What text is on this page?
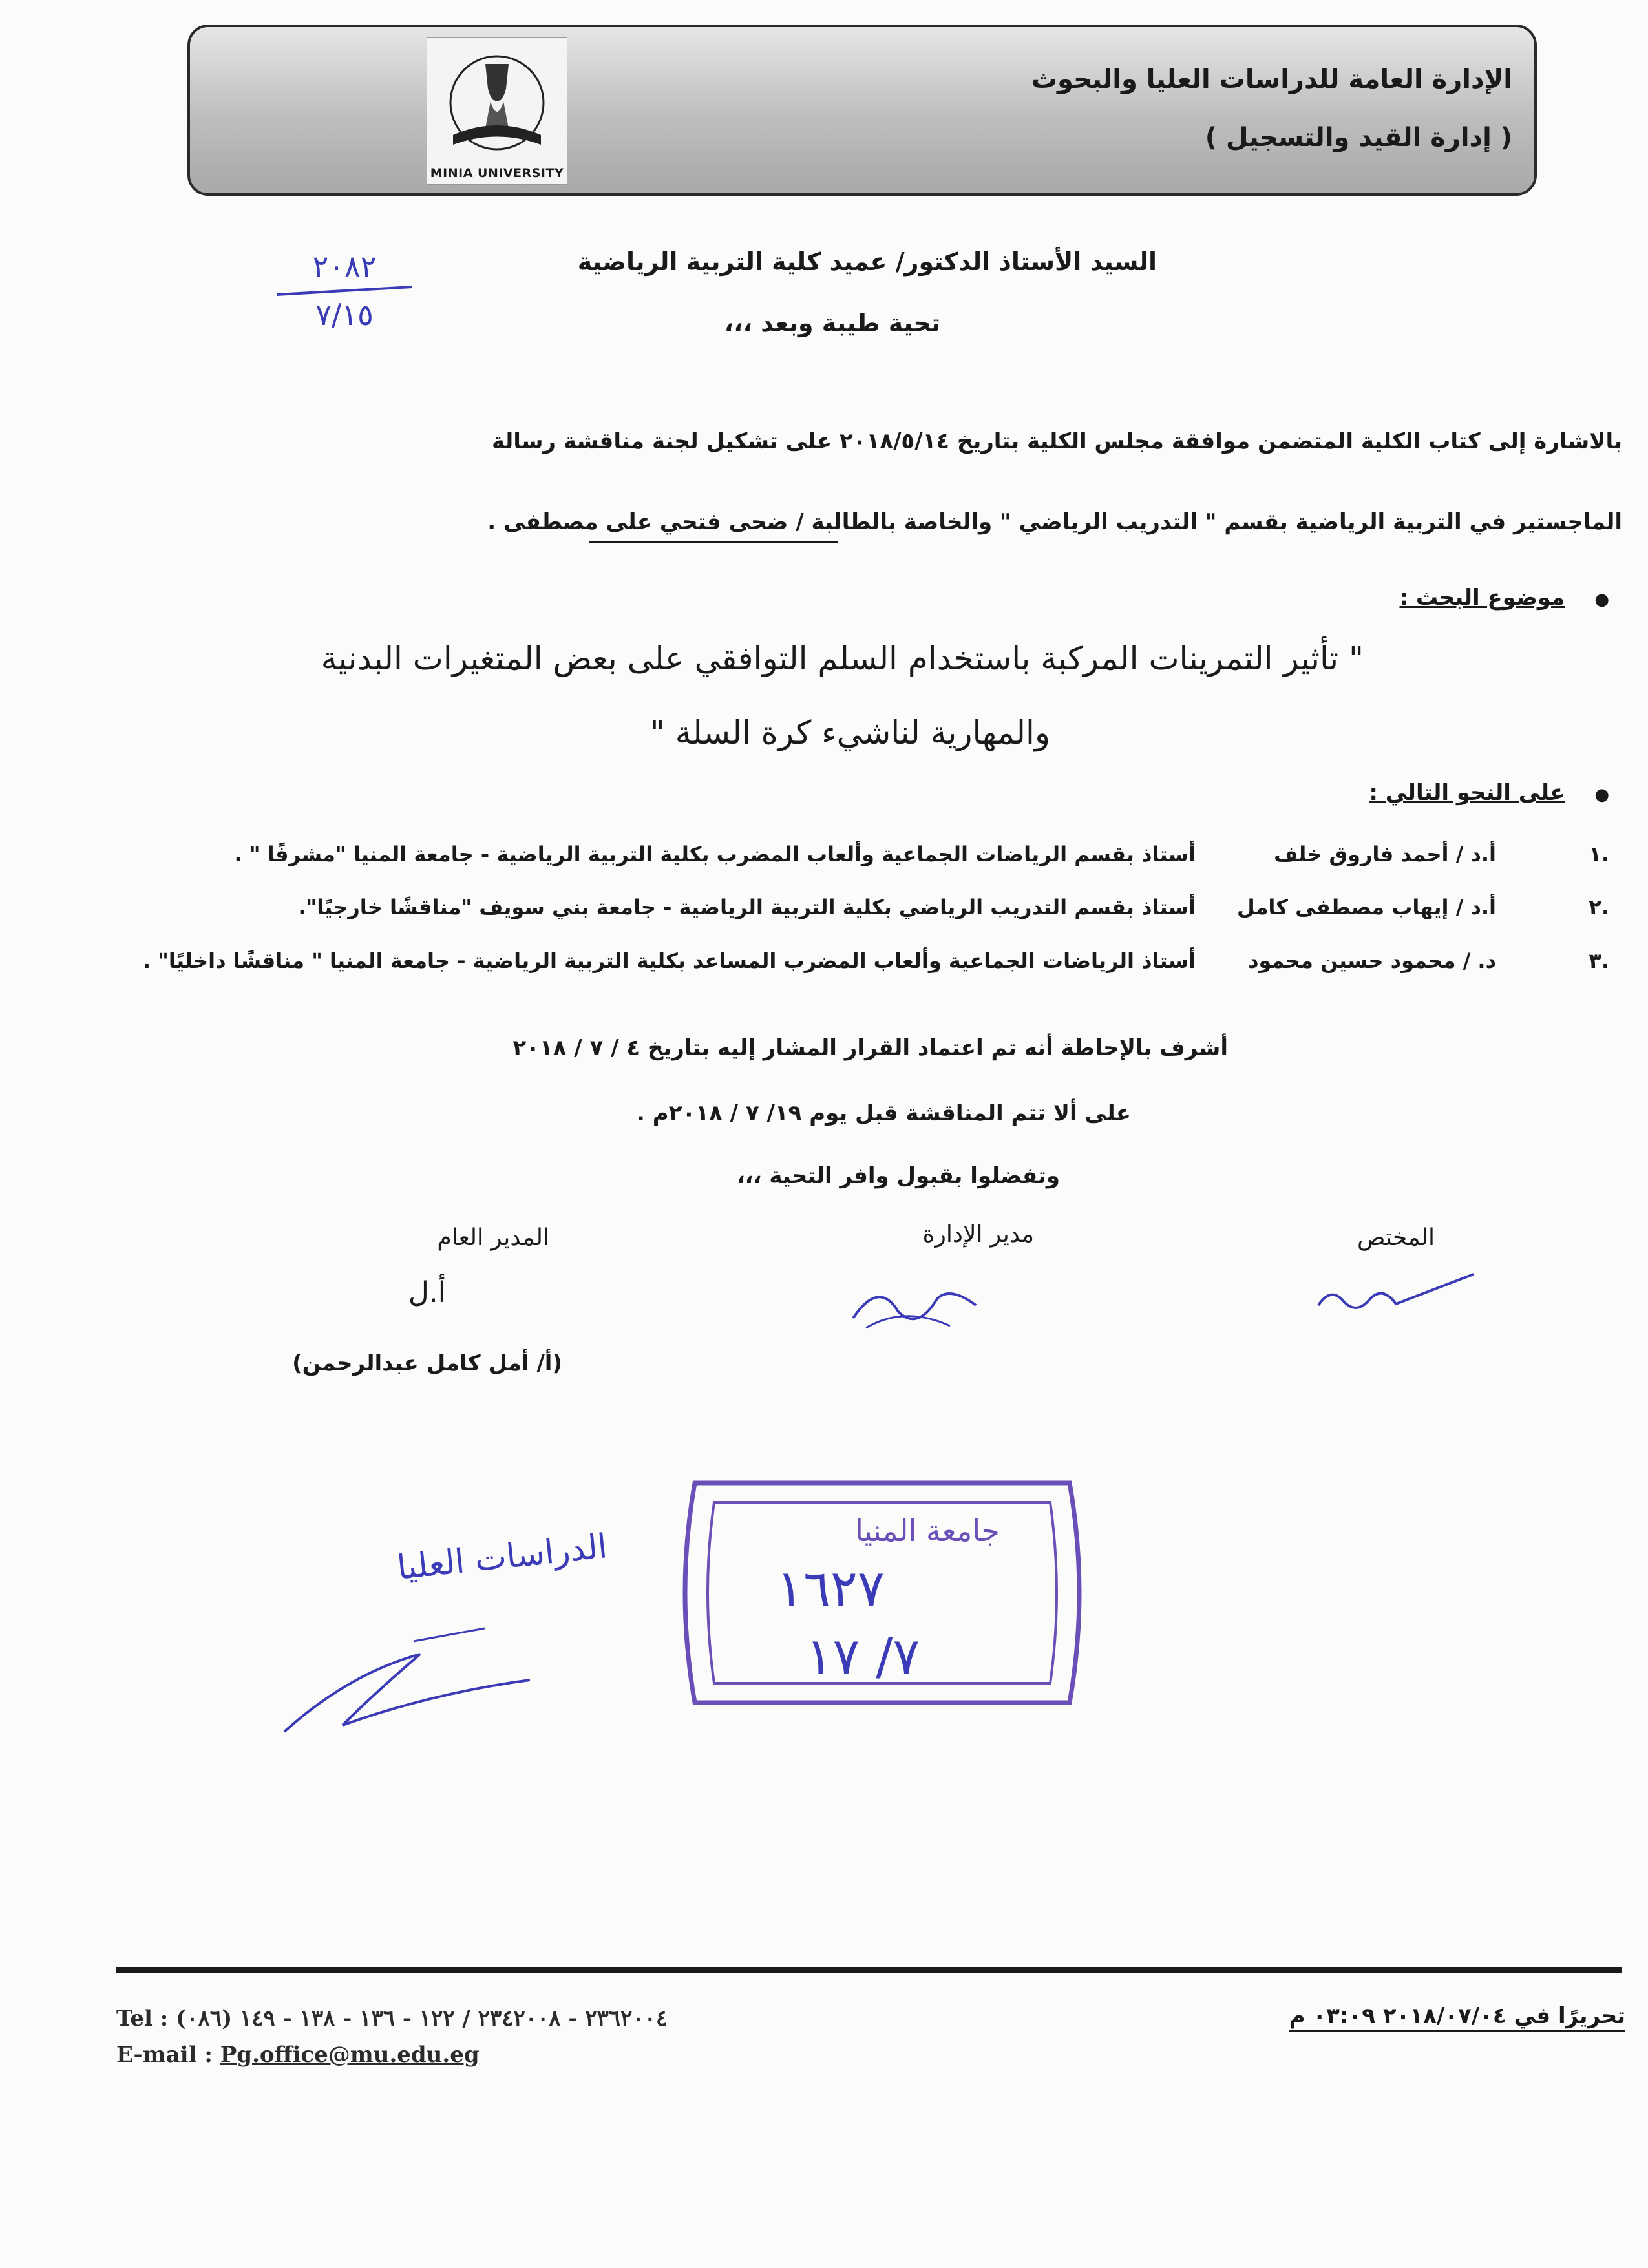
MINIA UNIVERSITY
الإدارة العامة للدراسات العليا والبحوث
( إدارة القيد والتسجيل )
السيد الأستاذ الدكتور/ عميد كلية التربية الرياضية
تحية طيبة وبعد ،،،
٢٠٨٢
٧/١٥
بالاشارة إلى كتاب الكلية المتضمن موافقة مجلس الكلية بتاريخ ٢٠١٨/٥/١٤ على تشكيل لجنة مناقشة رسالة
الماجستير في التربية الرياضية بقسم " التدريب الرياضي " والخاصة بالطالبة / ضحى فتحي على مصطفى .
●موضوع البحث :
" تأثير التمرينات المركبة باستخدام السلم التوافقي على بعض المتغيرات البدنية
والمهارية لناشيء كرة السلة "
●على النحو التالي :
١.
أ.د / أحمد فاروق خلف
أستاذ بقسم الرياضات الجماعية وألعاب المضرب بكلية التربية الرياضية - جامعة المنيا "مشرفًا " .
٢.
أ.د / إيهاب مصطفى كامل
أستاذ بقسم التدريب الرياضي بكلية التربية الرياضية - جامعة بني سويف "مناقشًا خارجيًا".
٣.
د. / محمود حسين محمود
أستاذ الرياضات الجماعية وألعاب المضرب المساعد بكلية التربية الرياضية - جامعة المنيا " مناقشًا داخليًا" .
أشرف بالإحاطة أنه تم اعتماد القرار المشار إليه بتاريخ ٤ / ٧ / ٢٠١٨
على ألا تتم المناقشة قبل يوم ١٩/ ٧ / ٢٠١٨م .
وتفضلوا بقبول وافر التحية ،،،
المختص
مدير الإدارة
المدير العام
أ.ل
(أ/ أمل كامل عبدالرحمن)
جامعة المنيا
١٦٢٧
٧/ ١٧
الدراسات العليا
Tel : (٠٨٦) ٢٣٦٢٠٠٤ - ٢٣٤٢٠٠٨ / ١٢٢ - ١٣٦ - ١٣٨ - ١٤٩
E-mail : Pg.office@mu.edu.eg
تحريرًا في ٢٠١٨/٠٧/٠٤ ٠٣:٠٩ م
